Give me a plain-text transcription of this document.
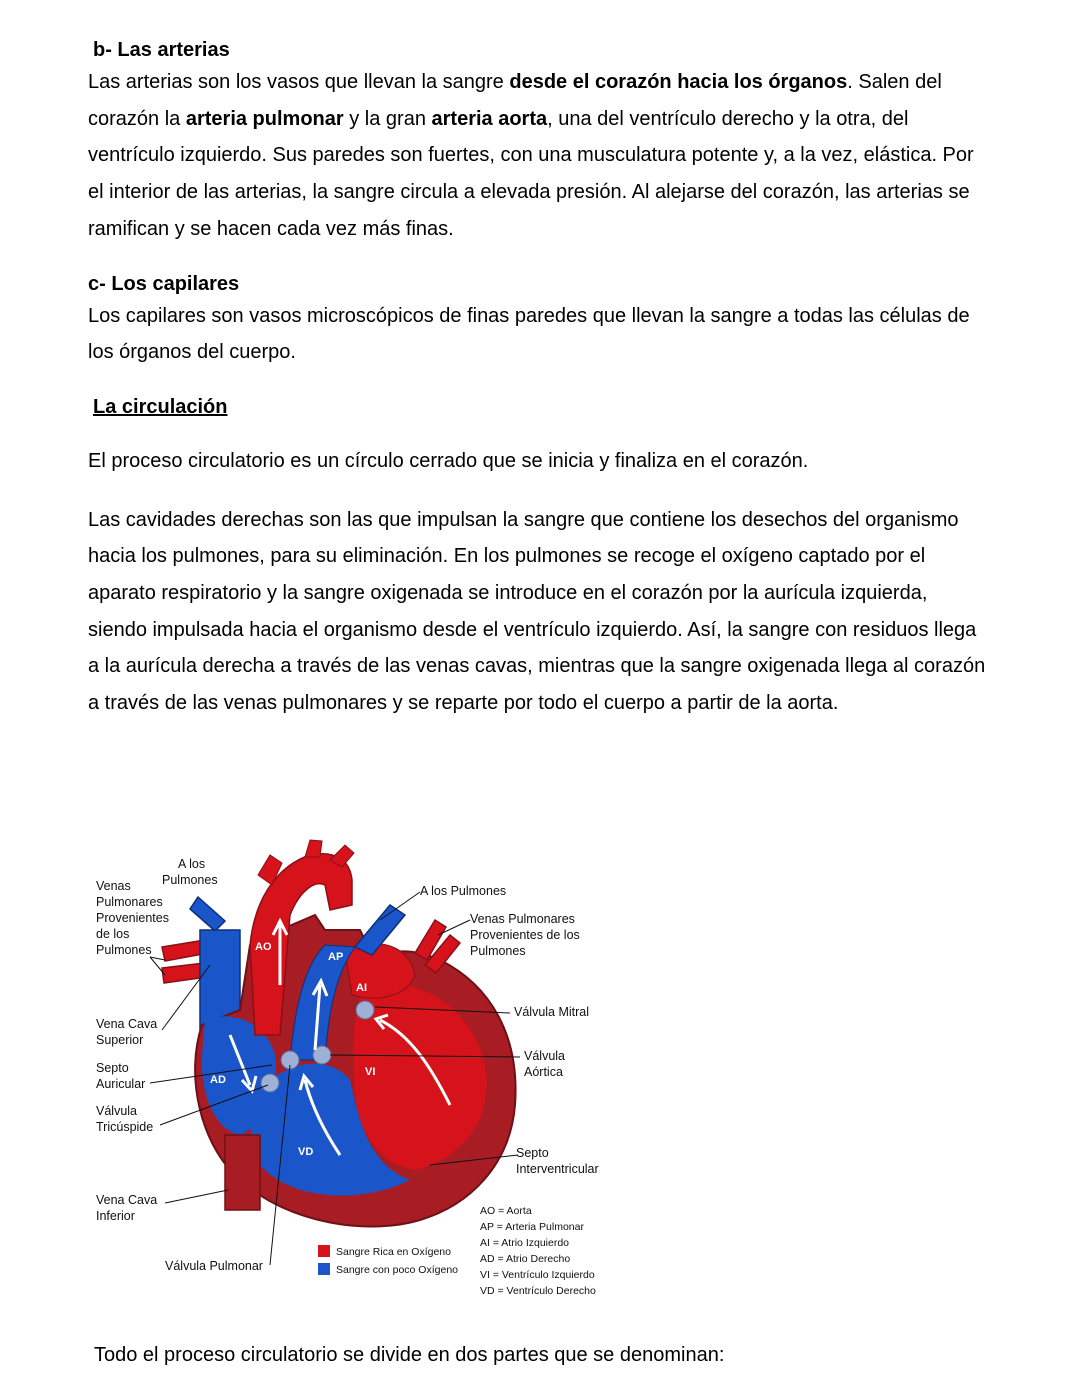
b- Las arterias

Las arterias son los vasos que llevan la sangre desde el corazón hacia los órganos. Salen del corazón la arteria pulmonar y la gran arteria aorta, una del ventrículo derecho y la otra, del ventrículo izquierdo. Sus paredes son fuertes, con una musculatura potente y, a la vez, elástica. Por el interior de las arterias, la sangre circula a elevada presión. Al alejarse del corazón, las arterias se ramifican y se hacen cada vez más finas.

c- Los capilares

Los capilares son vasos microscópicos de finas paredes que llevan la sangre a todas las células de los órganos del cuerpo.

La circulación

El proceso circulatorio es un círculo cerrado que se inicia y finaliza en el corazón.

Las cavidades derechas son las que impulsan la sangre que contiene los desechos del organismo hacia los pulmones, para su eliminación. En los pulmones se recoge el oxígeno captado por el aparato respiratorio y la sangre oxigenada se introduce en el corazón por la aurícula izquierda, siendo impulsada hacia el organismo desde el ventrículo izquierdo. Así, la sangre con residuos llega a la aurícula derecha a través de las venas cavas, mientras que la sangre oxigenada llega al corazón a través de las venas pulmonares y se reparte por todo el cuerpo a partir de la aorta.

AO
AP
AI
AD
VI
VD
A los
Pulmones
Venas
Pulmonares
Provenientes
de los
Pulmones
A los Pulmones
Venas Pulmonares
Provenientes de los
Pulmones
Válvula Mitral
Válvula
Aórtica
Vena Cava
Superior
Septo
Auricular
Válvula
Tricúspide
Septo
Interventricular
Vena Cava
Inferior
Válvula Pulmonar
Sangre Rica en Oxígeno
Sangre con poco Oxígeno
AO = Aorta
AP = Arteria Pulmonar
AI = Atrio Izquierdo
AD = Atrio Derecho
VI = Ventrículo Izquierdo
VD = Ventrículo Derecho

Todo el proceso circulatorio se divide en dos partes que se denominan:
